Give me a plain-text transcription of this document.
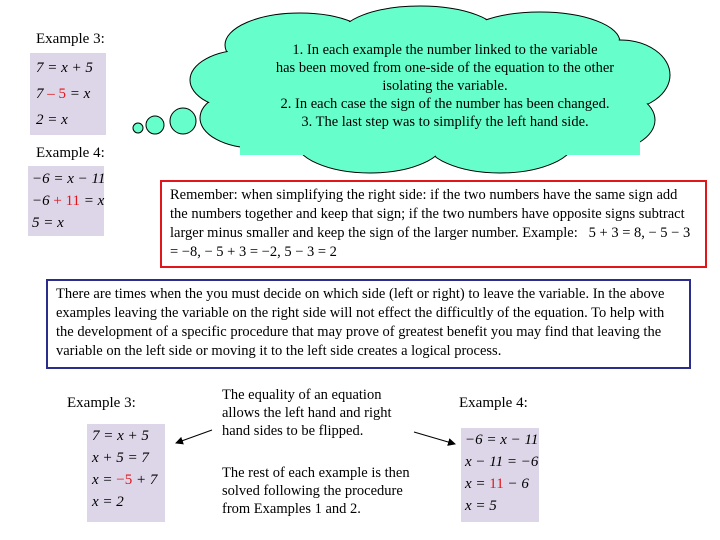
Example 3:
7 = x + 5
7 – 5 = x
2 = x
Example 4:
−6 = x − 11
−6 + 11 = x
5 = x
1. In each example the number linked to the variable
has been moved from one-side of the equation to the other
isolating the variable.
2. In each case the sign of the number has been changed.
3. The last step was to simplify the left hand side.
Remember: when simplifying the right side: if the two numbers have the same sign add the numbers together and keep that sign; if the two numbers have opposite signs subtract larger minus smaller and keep the sign of the larger number. Example: 5 + 3 = 8, − 5 − 3 = −8, − 5 + 3 = −2, 5 − 3 = 2
There are times when the you must decide on which side (left or right) to leave the variable. In the above examples leaving the variable on the right side will not effect the difficultly of the equation. To help with the development of a specific procedure that may prove of greatest benefit you may find that leaving the variable on the left side or moving it to the left side creates a logical process.
Example 3:
7 = x + 5
x + 5 = 7
x = −5 + 7
x = 2
The equality of an equation allows the left hand and right hand sides to be flipped.
The rest of each example is then solved following the procedure from Examples 1 and 2.
Example 4:
−6 = x − 11
x − 11 = −6
x = 11 − 6
x = 5
